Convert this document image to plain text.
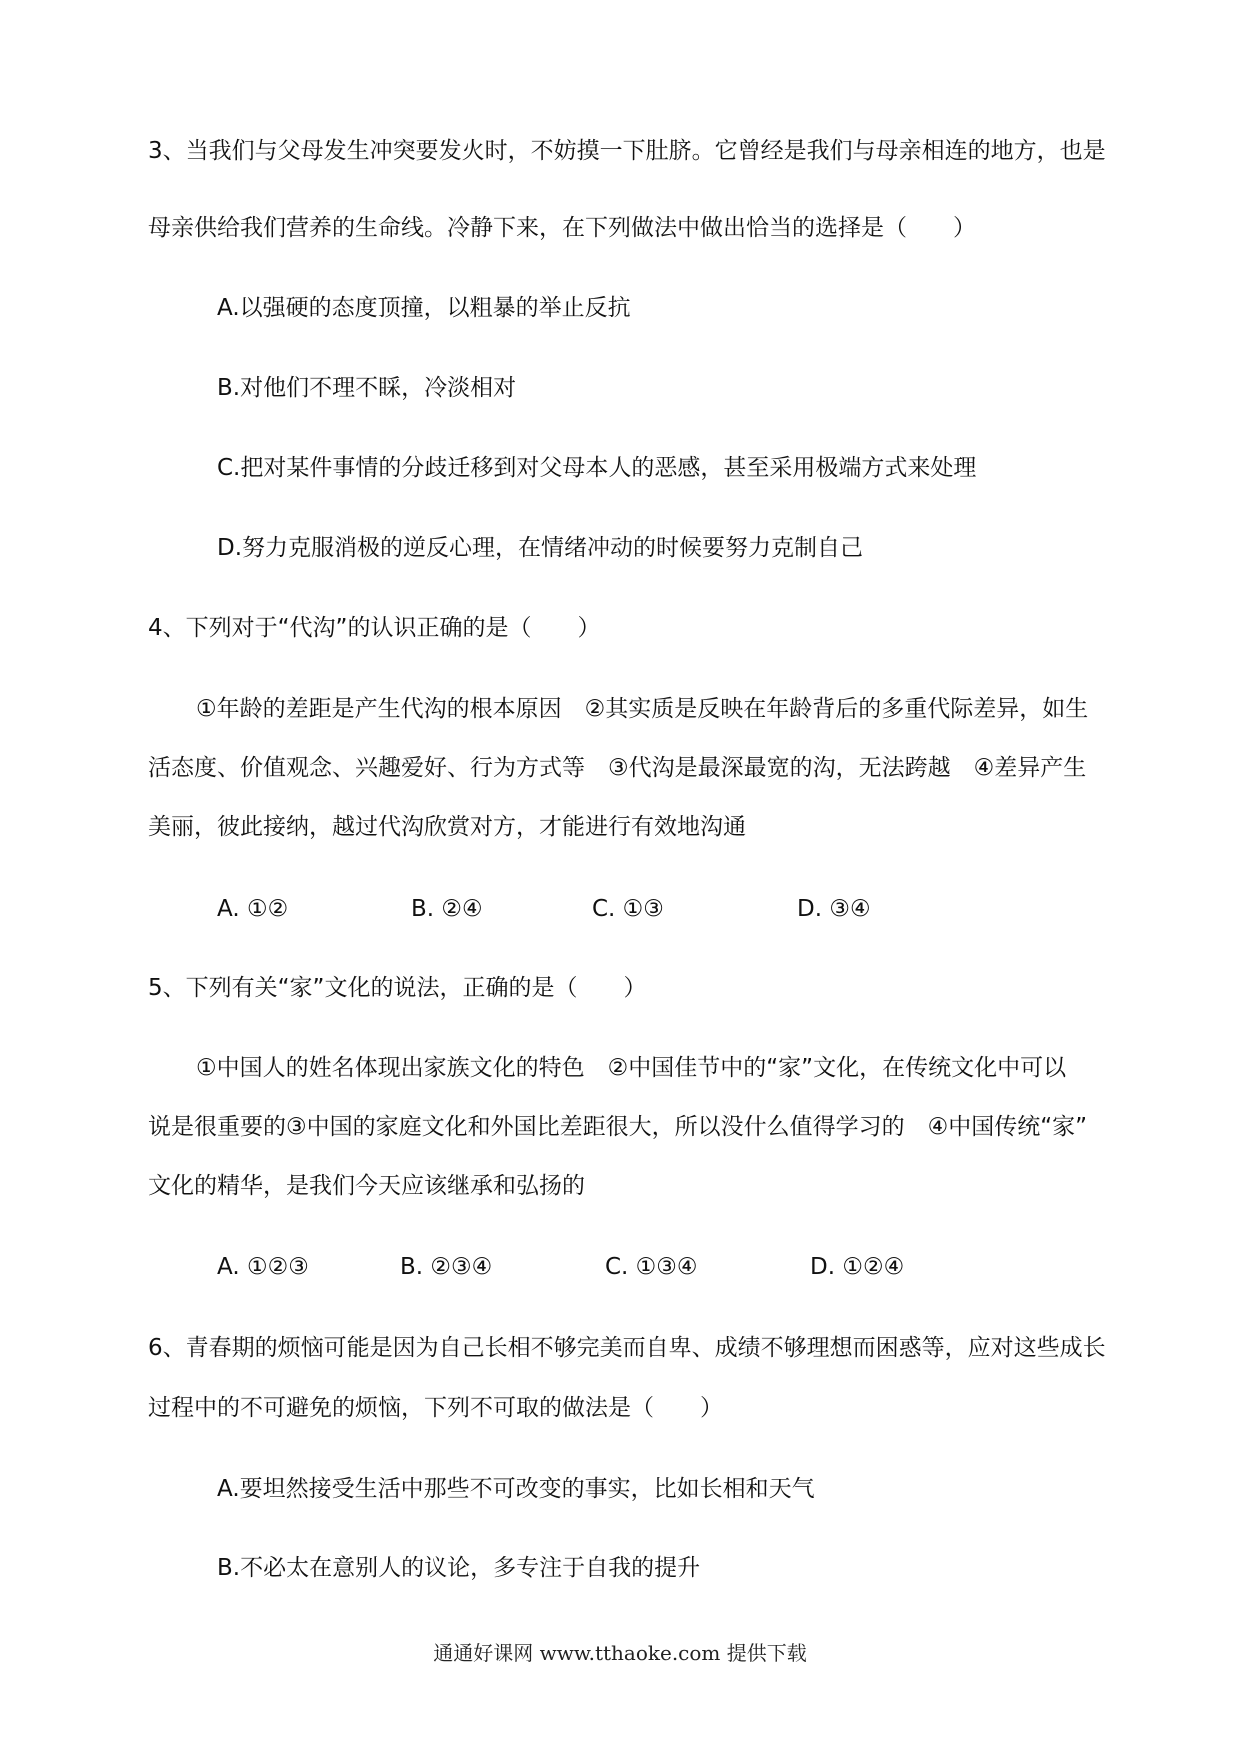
3、当我们与父母发生冲突要发火时，不妨摸一下肚脐。它曾经是我们与母亲相连的地方，也是
母亲供给我们营养的生命线。冷静下来，在下列做法中做出恰当的选择是（　　）
A.以强硬的态度顶撞，以粗暴的举止反抗
B.对他们不理不睬，冷淡相对
C.把对某件事情的分歧迁移到对父母本人的恶感，甚至采用极端方式来处理
D.努力克服消极的逆反心理，在情绪冲动的时候要努力克制自己
4、下列对于“代沟”的认识正确的是（　　）
①年龄的差距是产生代沟的根本原因　②其实质是反映在年龄背后的多重代际差异，如生
活态度、价值观念、兴趣爱好、行为方式等　③代沟是最深最宽的沟，无法跨越　④差异产生
美丽，彼此接纳，越过代沟欣赏对方，才能进行有效地沟通
A. ①②	B. ②④	C. ①③	D. ③④
5、下列有关“家”文化的说法，正确的是（　　）
①中国人的姓名体现出家族文化的特色　②中国佳节中的“家”文化，在传统文化中可以
说是很重要的③中国的家庭文化和外国比差距很大，所以没什么值得学习的　④中国传统“家”
文化的精华，是我们今天应该继承和弘扬的
A. ①②③	B. ②③④	C. ①③④	D. ①②④
6、青春期的烦恼可能是因为自己长相不够完美而自卑、成绩不够理想而困惑等，应对这些成长
过程中的不可避免的烦恼，下列不可取的做法是（　　）
A.要坦然接受生活中那些不可改变的事实，比如长相和天气
B.不必太在意别人的议论，多专注于自我的提升
通通好课网 www.tthaoke.com 提供下载
